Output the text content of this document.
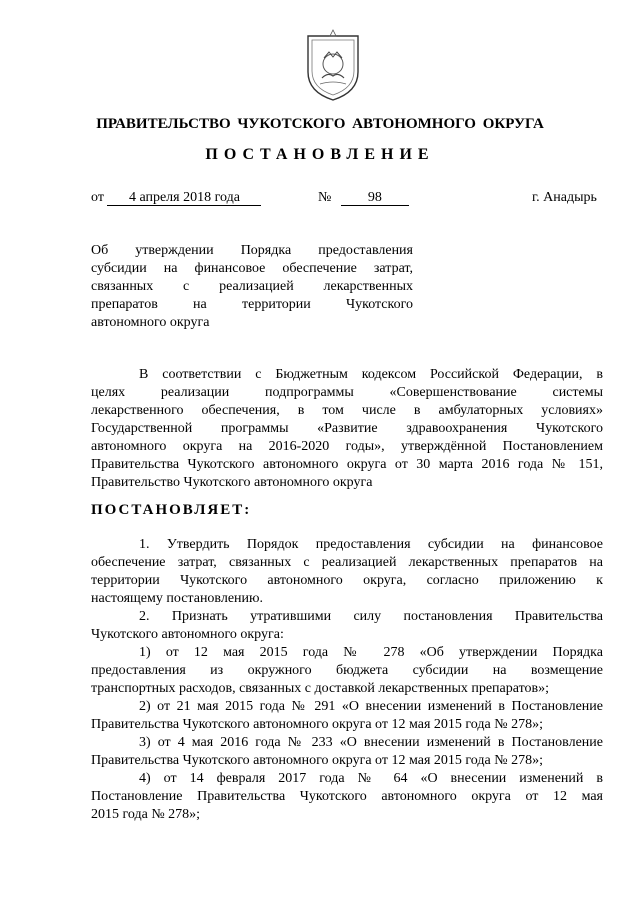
ПРАВИТЕЛЬСТВО ЧУКОТСКОГО АВТОНОМНОГО ОКРУГА
ПОСТАНОВЛЕНИЕ
от 4 апреля 2018 года	№	98	г. Анадырь
Об утверждении Порядка предоставления
субсидии на финансовое обеспечение затрат,
связанных с реализацией лекарственных
препаратов на территории Чукотского
автономного округа
В соответствии с Бюджетным кодексом Российской Федерации, в
целях реализации подпрограммы «Совершенствование системы
лекарственного обеспечения, в том числе в амбулаторных условиях»
Государственной программы «Развитие здравоохранения Чукотского
автономного округа на 2016-2020 годы», утверждённой Постановлением
Правительства Чукотского автономного округа от 30 марта 2016 года № 151,
Правительство Чукотского автономного округа
ПОСТАНОВЛЯЕТ:
1. Утвердить Порядок предоставления субсидии на финансовое
обеспечение затрат, связанных с реализацией лекарственных препаратов на
территории Чукотского автономного округа, согласно приложению к
настоящему постановлению.
2. Признать утратившими силу постановления Правительства
Чукотского автономного округа:
1) от 12 мая 2015 года № 278 «Об утверждении Порядка
предоставления из окружного бюджета субсидии на возмещение
транспортных расходов, связанных с доставкой лекарственных препаратов»;
2) от 21 мая 2015 года № 291 «О внесении изменений в Постановление
Правительства Чукотского автономного округа от 12 мая 2015 года № 278»;
3) от 4 мая 2016 года № 233 «О внесении изменений в Постановление
Правительства Чукотского автономного округа от 12 мая 2015 года № 278»;
4) от 14 февраля 2017 года № 64 «О внесении изменений в
Постановление Правительства Чукотского автономного округа от 12 мая
2015 года № 278»;
